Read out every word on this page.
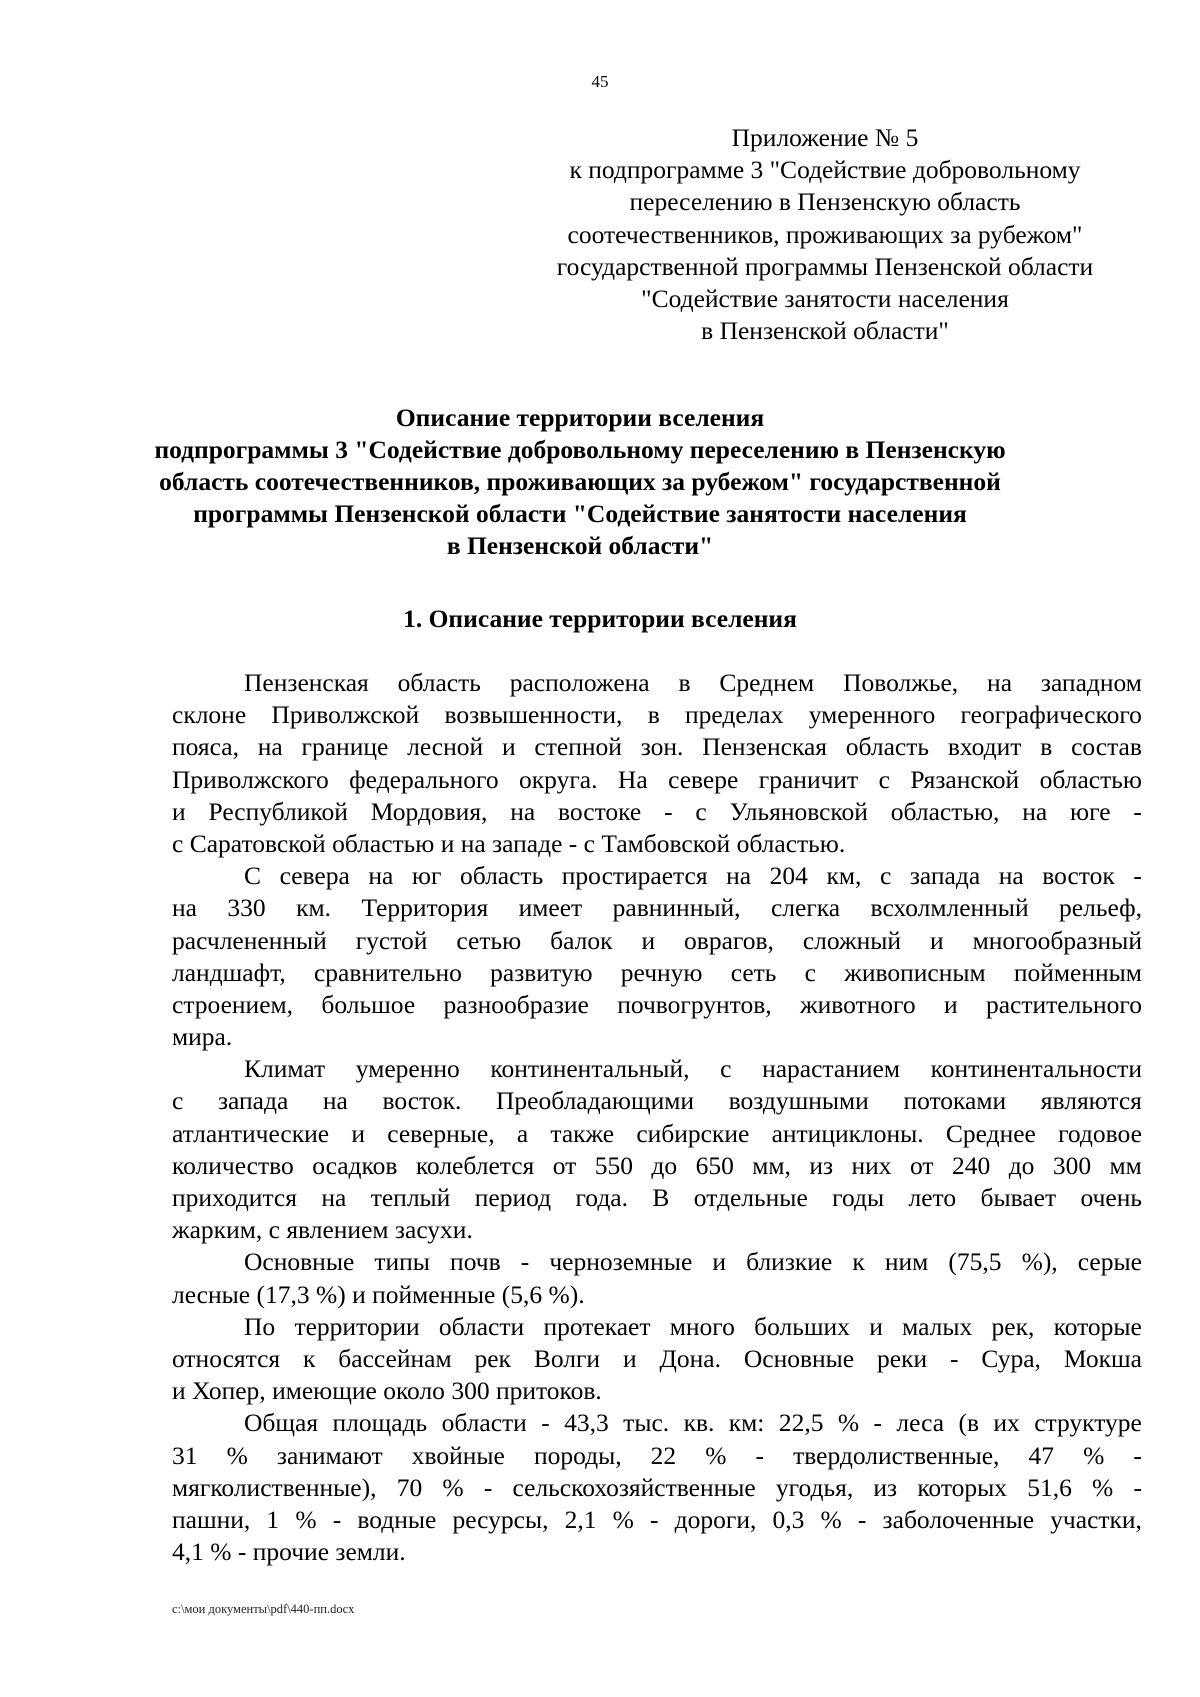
45
Приложение № 5
к подпрограмме 3 "Содействие добровольному
переселению в Пензенскую область
соотечественников, проживающих за рубежом"
государственной программы Пензенской области
"Содействие занятости населения
в Пензенской области"
Описание территории вселения
подпрограммы 3 "Содействие добровольному переселению в Пензенскую
область соотечественников, проживающих за рубежом" государственной
программы Пензенской области "Содействие занятости населения
в Пензенской области"
1. Описание территории вселения
Пензенская область расположена в Среднем Поволжье, на западном
склоне Приволжской возвышенности, в пределах умеренного географического
пояса, на границе лесной и степной зон. Пензенская область входит в состав
Приволжского федерального округа. На севере граничит с Рязанской областью
и Республикой Мордовия, на востоке - с Ульяновской областью, на юге -
с Саратовской областью и на западе - с Тамбовской областью.
С севера на юг область простирается на 204 км, с запада на восток -
на 330 км. Территория имеет равнинный, слегка всхолмленный рельеф,
расчлененный густой сетью балок и оврагов, сложный и многообразный
ландшафт, сравнительно развитую речную сеть с живописным пойменным
строением, большое разнообразие почвогрунтов, животного и растительного
мира.
Климат умеренно континентальный, с нарастанием континентальности
с запада на восток. Преобладающими воздушными потоками являются
атлантические и северные, а также сибирские антициклоны. Среднее годовое
количество осадков колеблется от 550 до 650 мм, из них от 240 до 300 мм
приходится на теплый период года. В отдельные годы лето бывает очень
жарким, с явлением засухи.
Основные типы почв - черноземные и близкие к ним (75,5 %), серые
лесные (17,3 %) и пойменные (5,6 %).
По территории области протекает много больших и малых рек, которые
относятся к бассейнам рек Волги и Дона. Основные реки - Сура, Мокша
и Хопер, имеющие около 300 притоков.
Общая площадь области - 43,3 тыс. кв. км: 22,5 % - леса (в их структуре
31 % занимают хвойные породы, 22 % - твердолиственные, 47 % -
мягколиственные), 70 % - сельскохозяйственные угодья, из которых 51,6 % -
пашни, 1 % - водные ресурсы, 2,1 % - дороги, 0,3 % - заболоченные участки,
4,1 % - прочие земли.
c:\мои документы\pdf\440-пп.docx
